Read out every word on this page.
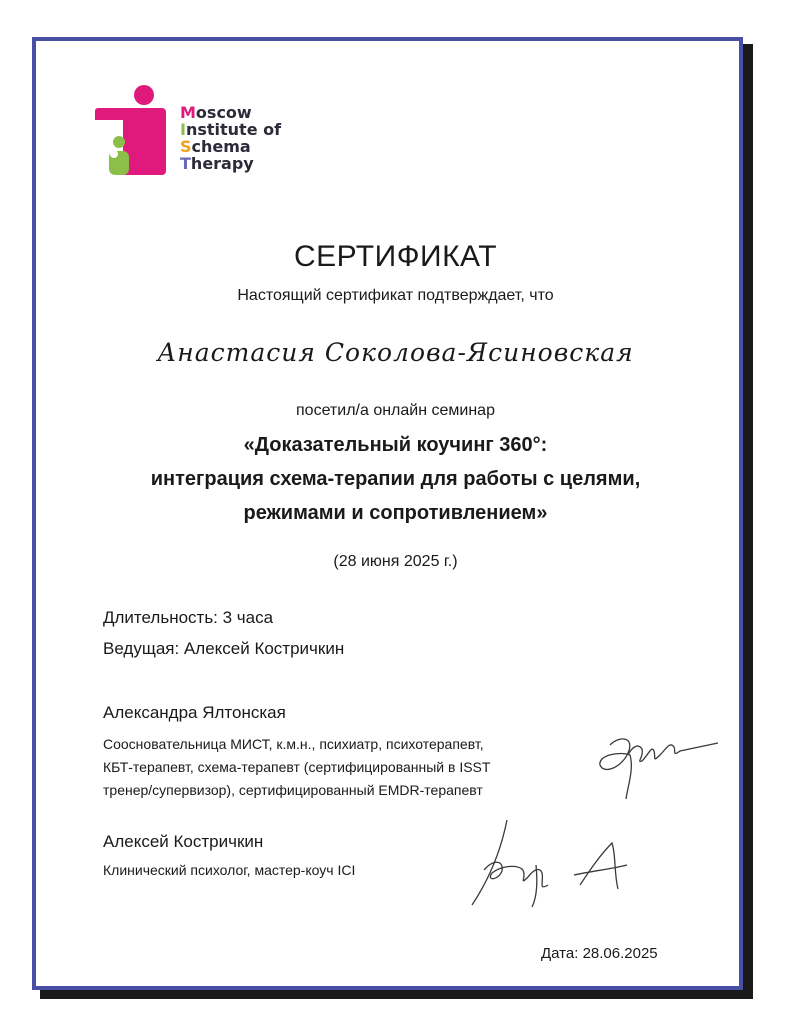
Moscow
Institute of
Schema
Therapy
СЕРТИФИКАТ
Настоящий сертификат подтверждает, что
Анастасия Соколова-Ясиновская
посетил/а онлайн семинар
«Доказательный коучинг 360°:
интеграция схема-терапии для работы с целями,
режимами и сопротивлением»
(28 июня 2025 г.)
Длительность: 3 часа
Ведущая: Алексей Костричкин
Александра Ялтонская
Соосновательница МИСТ, к.м.н., психиатр, психотерапевт,
КБТ-терапевт, схема-терапевт (сертифицированный в ISST
тренер/супервизор), сертифицированный EMDR-терапевт
Алексей Костричкин
Клинический психолог, мастер-коуч ICI
Дата: 28.06.2025
